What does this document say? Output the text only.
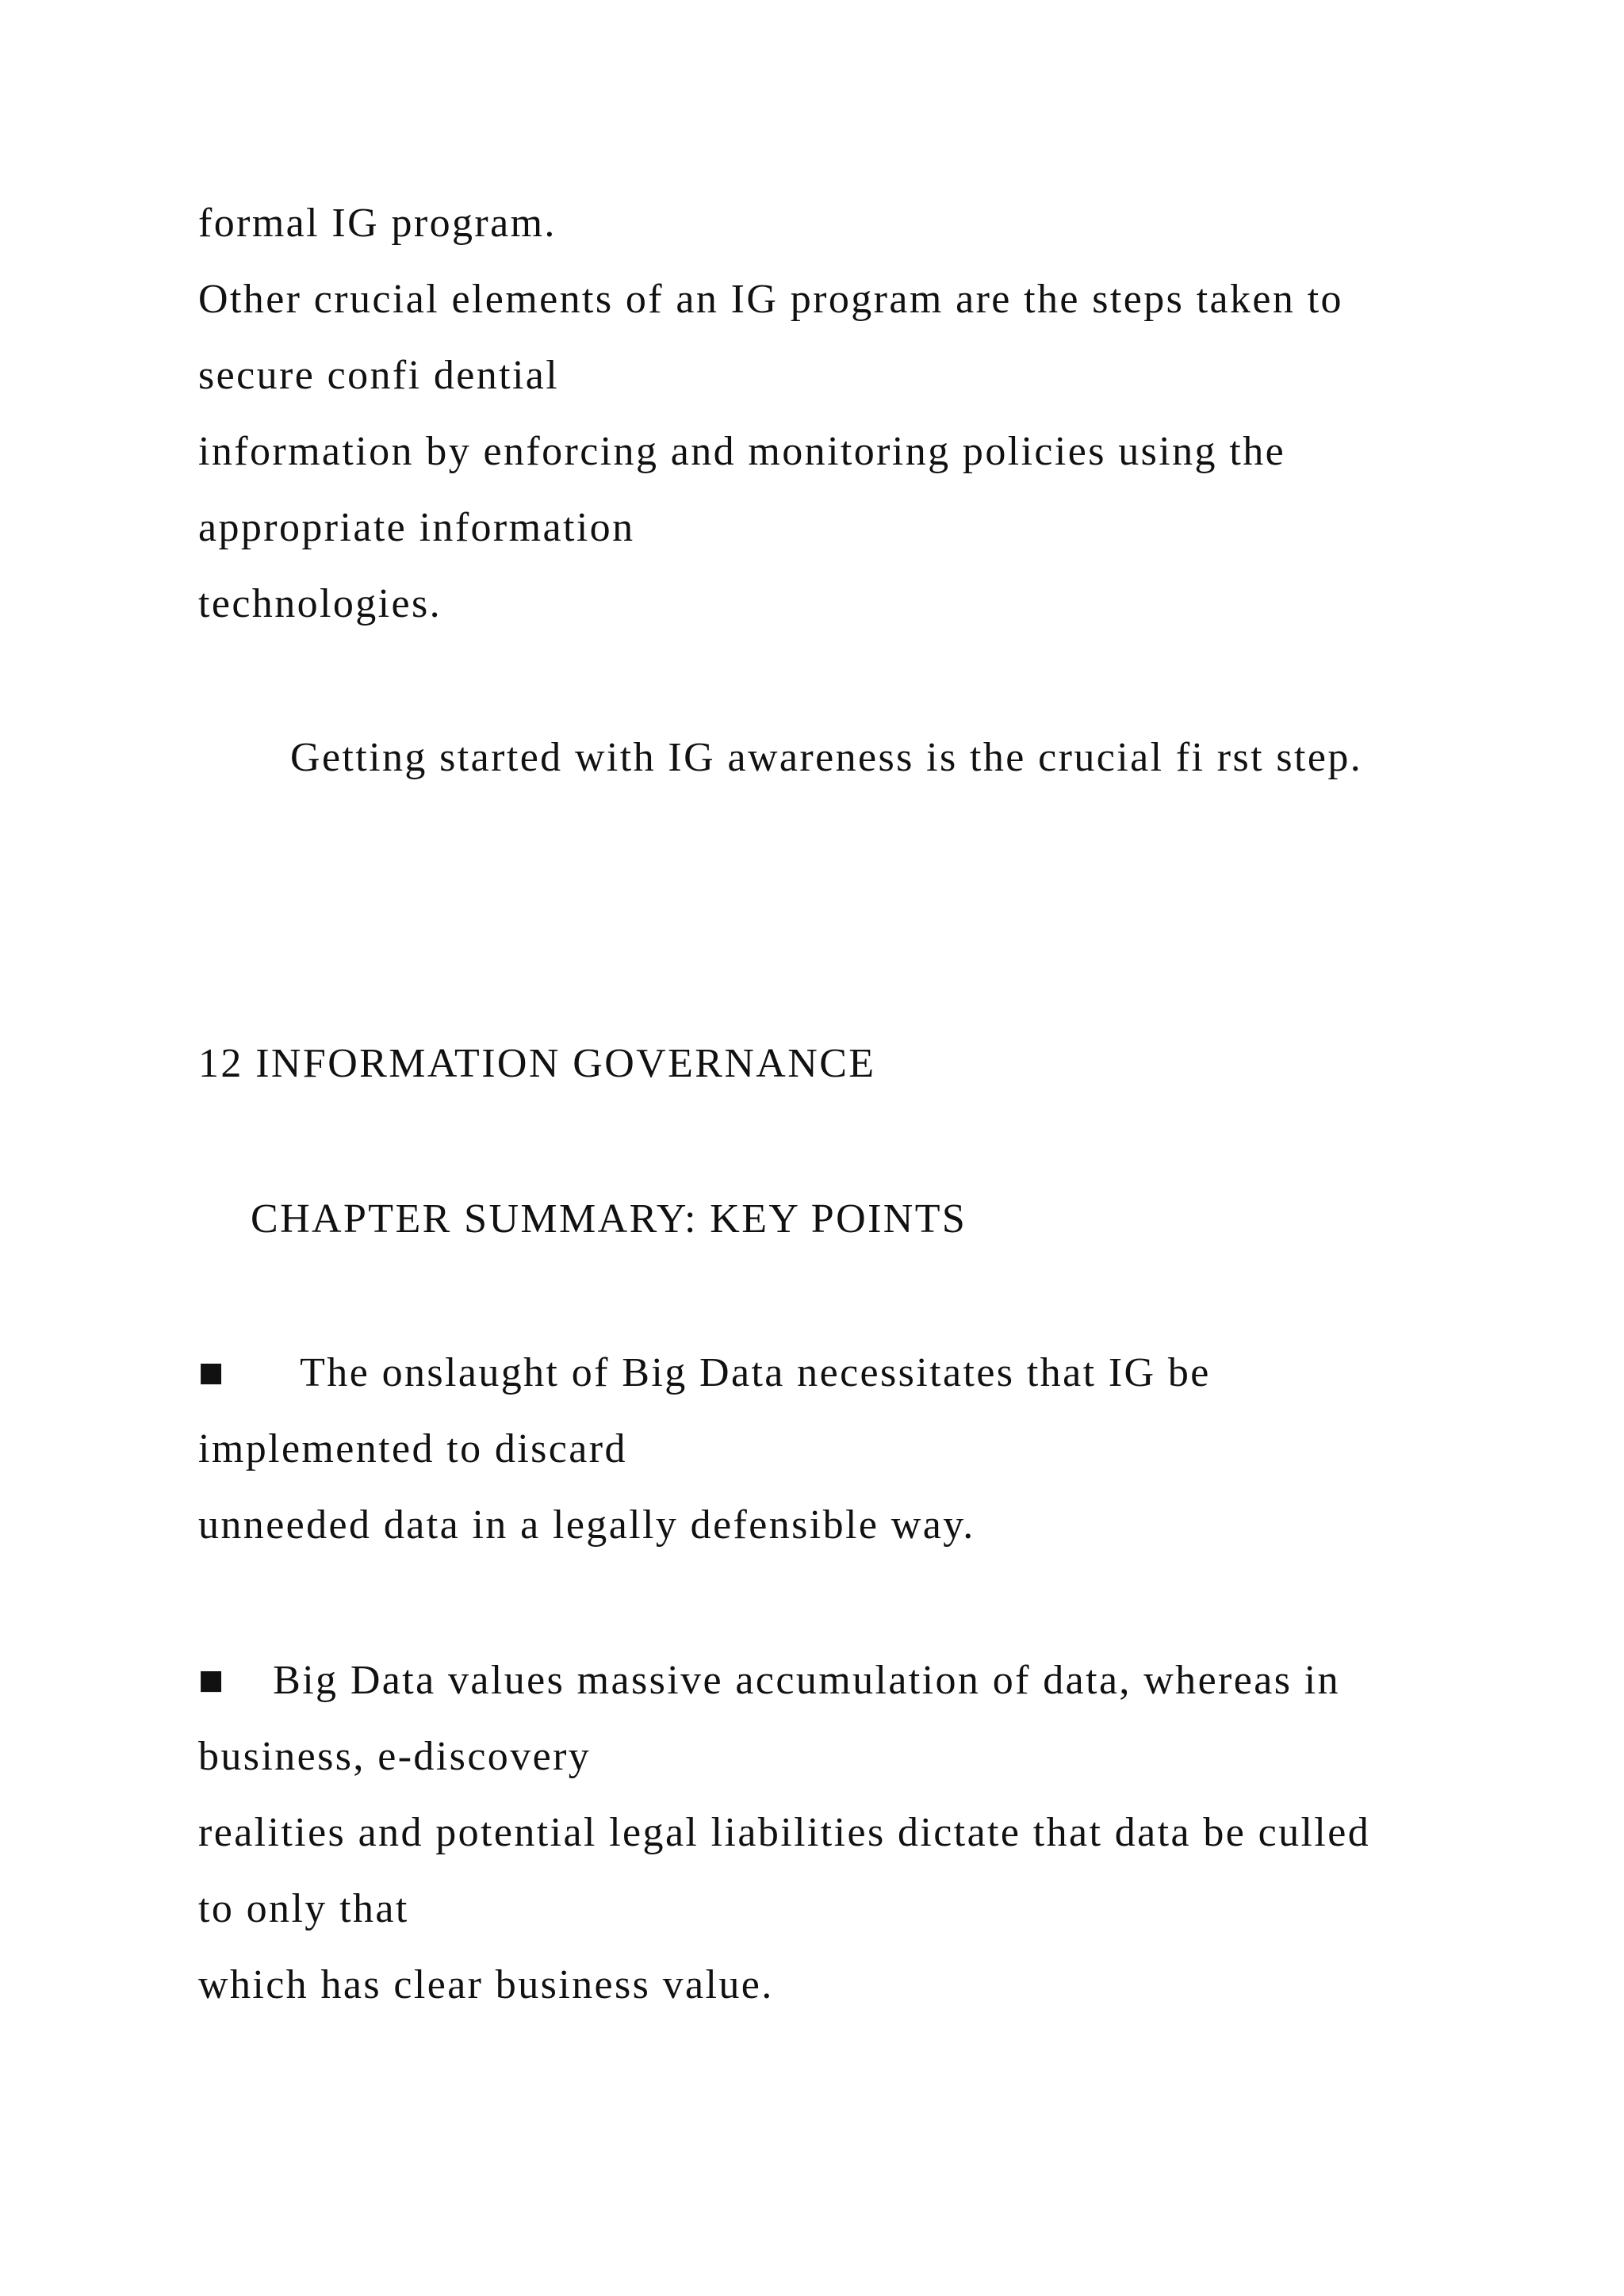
formal IG program.
Other crucial elements of an IG program are the steps taken to
secure confi dential
information by enforcing and monitoring policies using the
appropriate information
technologies.
Getting started with IG awareness is the crucial fi rst step.
12 INFORMATION GOVERNANCE
CHAPTER SUMMARY: KEY POINTS
■ The onslaught of Big Data necessitates that IG be
implemented to discard
unneeded data in a legally defensible way.
■ Big Data values massive accumulation of data, whereas in
business, e-discovery
realities and potential legal liabilities dictate that data be culled
to only that
which has clear business value.
